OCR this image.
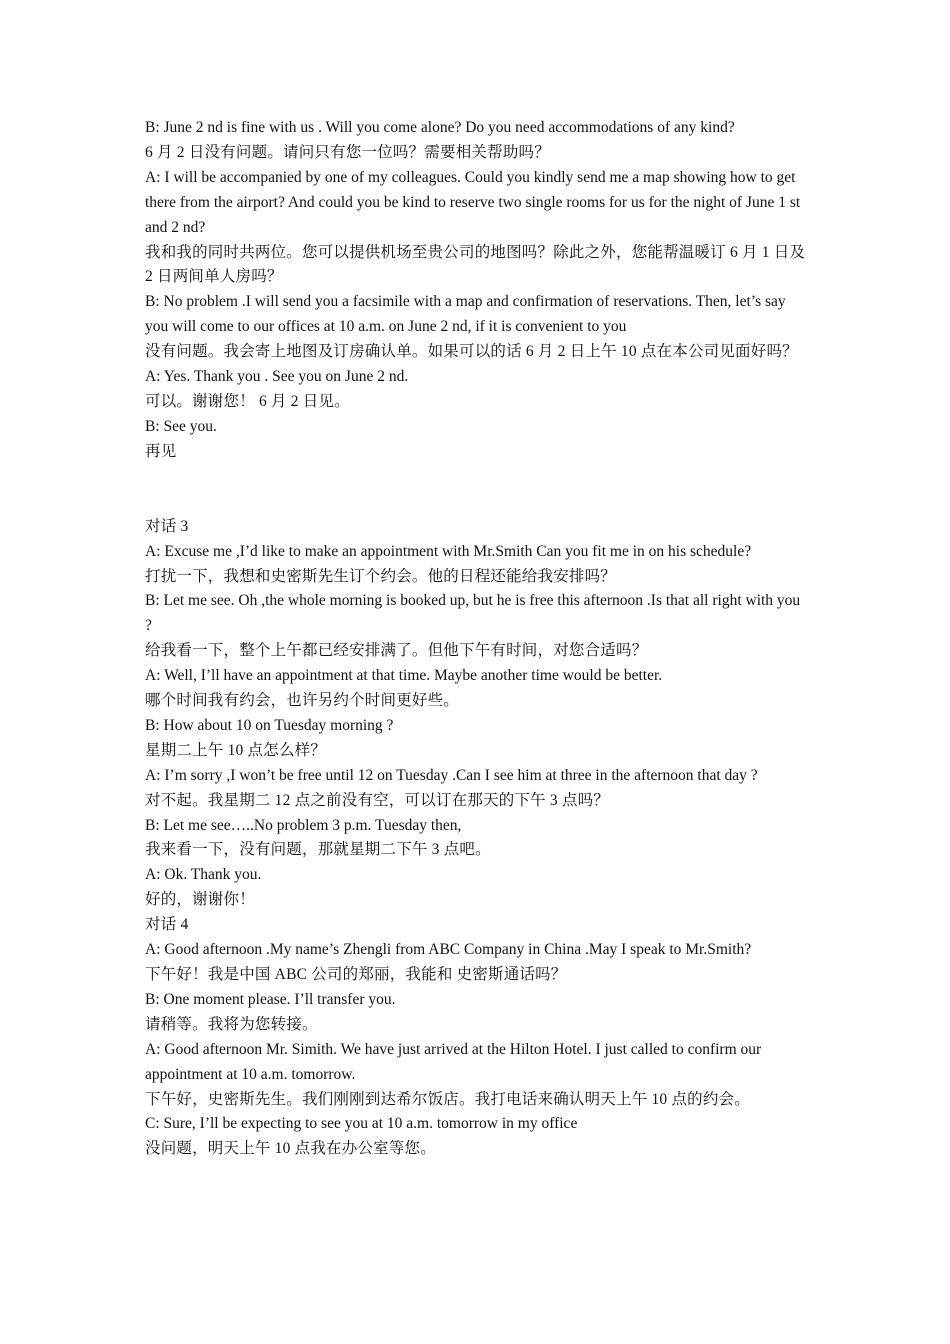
B: June 2 nd is fine with us . Will you come alone? Do you need accommodations of any kind?
6 月 2 日没有问题。请问只有您一位吗？需要相关帮助吗？
A: I will be accompanied by one of my colleagues. Could you kindly send me a map showing how to get there from the airport? And could you be kind to reserve two single rooms for us for the night of June 1 st and 2 nd?
我和我的同时共两位。您可以提供机场至贵公司的地图吗？除此之外，您能帮温暖订 6 月 1 日及 2 日两间单人房吗？
B: No problem .I will send you a facsimile with a map and confirmation of reservations. Then, let’s say you will come to our offices at 10 a.m. on June 2 nd, if it is convenient to you
没有问题。我会寄上地图及订房确认单。如果可以的话 6 月 2 日上午 10 点在本公司见面好吗？
A: Yes. Thank you . See you on June 2 nd.
可以。谢谢您！ 6 月 2 日见。
B: See you.
再见
对话 3
A: Excuse me ,I’d like to make an appointment with Mr.Smith Can you fit me in on his schedule?
打扰一下，我想和史密斯先生订个约会。他的日程还能给我安排吗？
B: Let me see. Oh ,the whole morning is booked up, but he is free this afternoon .Is that all right with you ?
给我看一下，整个上午都已经安排满了。但他下午有时间，对您合适吗？
A: Well, I’ll have an appointment at that time. Maybe another time would be better.
哪个时间我有约会，也许另约个时间更好些。
B: How about 10 on Tuesday morning ?
星期二上午 10 点怎么样？
A: I’m sorry ,I won’t be free until 12 on Tuesday .Can I see him at three in the afternoon that day ?
对不起。我星期二 12 点之前没有空，可以订在那天的下午 3 点吗？
B: Let me see…..No problem 3 p.m. Tuesday then,
我来看一下，没有问题，那就星期二下午 3 点吧。
A: Ok. Thank you.
好的，谢谢你！
对话 4
A: Good afternoon .My name’s Zhengli from ABC Company in China .May I speak to Mr.Smith?
下午好！我是中国 ABC 公司的郑丽，我能和 史密斯通话吗？
B: One moment please. I’ll transfer you.
请稍等。我将为您转接。
A: Good afternoon Mr. Simith. We have just arrived at the Hilton Hotel. I just called to confirm our appointment at 10 a.m. tomorrow.
下午好，史密斯先生。我们刚刚到达希尔饭店。我打电话来确认明天上午 10 点的约会。
C: Sure, I’ll be expecting to see you at 10 a.m. tomorrow in my office
没问题，明天上午 10 点我在办公室等您。
